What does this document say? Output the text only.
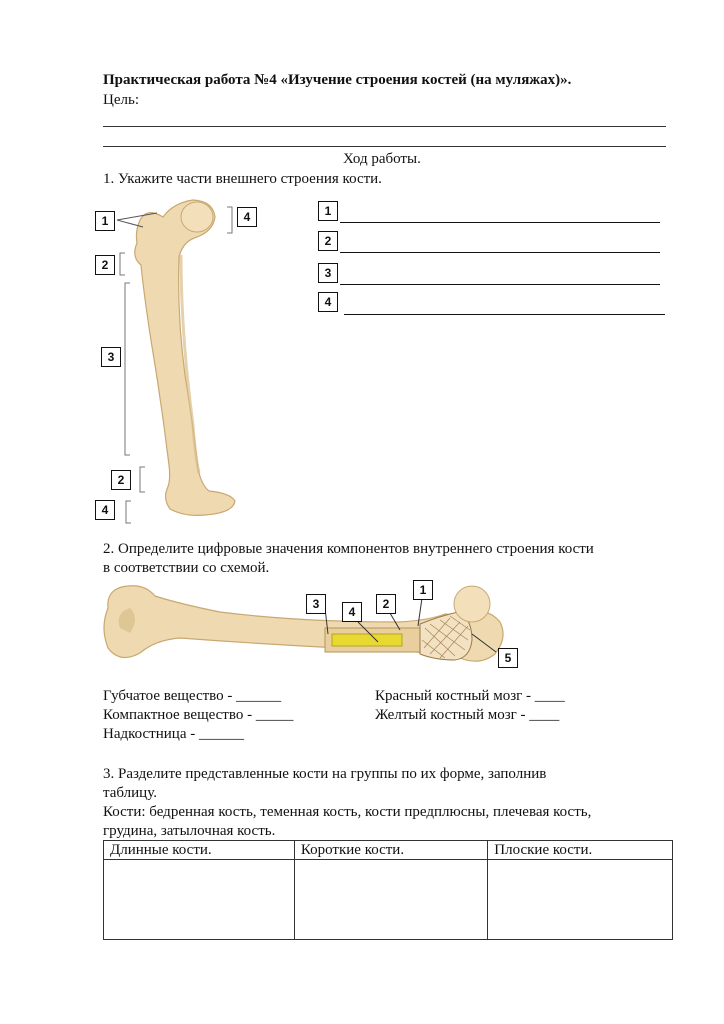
Практическая работа №4 «Изучение строения костей (на муляжах)».
Цель:
Ход работы.
1. Укажите части внешнего строения кости.
1	4
2
3
2
4
1
2
3
4
2. Определите цифровые значения компонентов внутреннего строения кости
в соответствии со схемой.
3
4
2
1
5
Губчатое вещество - ______
Компактное вещество - _____
Надкостница - ______
Красный костный мозг - ____
Желтый костный мозг - ____
3. Разделите представленные кости на группы по их форме, заполнив
таблицу.
Кости: бедренная кость, теменная кость, кости предплюсны, плечевая кость,
грудина, затылочная кость.
Длинные кости.	Короткие кости.	Плоские кости.
